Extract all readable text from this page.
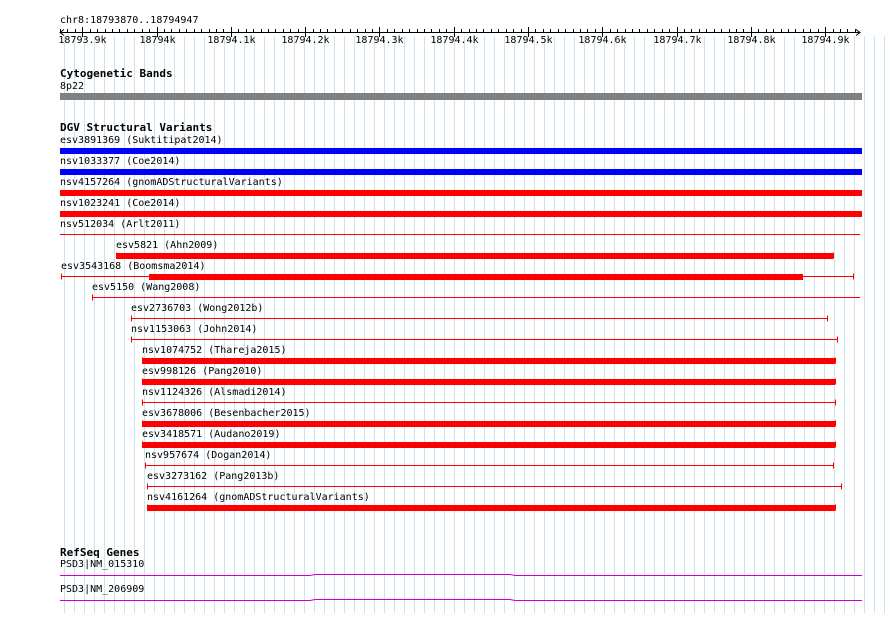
chr8:18793870..18794947
18793.9k	18794k	18794.1k	18794.2k	18794.3k	18794.4k	18794.5k	18794.6k	18794.7k	18794.8k	18794.9k
Cytogenetic Bands
8p22
DGV Structural Variants
esv3891369 (Suktitipat2014)
nsv1033377 (Coe2014)
nsv4157264 (gnomADStructuralVariants)
nsv1023241 (Coe2014)
nsv512034 (Arlt2011)
esv5821 (Ahn2009)
esv3543168 (Boomsma2014)
esv5150 (Wang2008)
esv2736703 (Wong2012b)
nsv1153063 (John2014)
nsv1074752 (Thareja2015)
esv998126 (Pang2010)
nsv1124326 (Alsmadi2014)
esv3678006 (Besenbacher2015)
esv3418571 (Audano2019)
nsv957674 (Dogan2014)
esv3273162 (Pang2013b)
nsv4161264 (gnomADStructuralVariants)
RefSeq Genes
PSD3|NM_015310
PSD3|NM_206909
